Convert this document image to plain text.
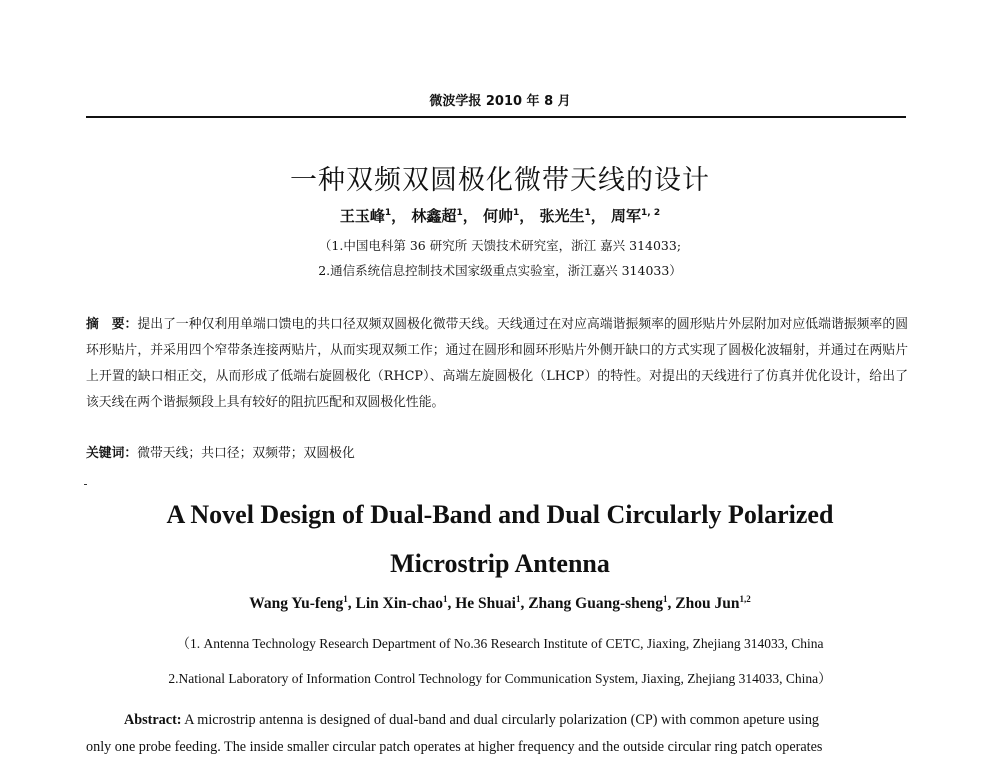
微波学报 2010 年 8 月
一种双频双圆极化微带天线的设计
王玉峰$^1$， 林鑫超$^1$， 何帅$^1$， 张光生$^1$， 周军$^{1, 2}$
（1.中国电科第 36 研究所 天馈技术研究室，浙江 嘉兴 314033;
2.通信系统信息控制技术国家级重点实验室，浙江嘉兴 314033）
摘　要：提出了一种仅利用单端口馈电的共口径双频双圆极化微带天线。天线通过在对应高端谐振频率的圆形贴片外层附加对应低端谐振频率的圆环形贴片，并采用四个窄带条连接两贴片，从而实现双频工作；通过在圆形和圆环形贴片外侧开缺口的方式实现了圆极化波辐射，并通过在两贴片上开置的缺口相正交，从而形成了低端右旋圆极化（RHCP）、高端左旋圆极化（LHCP）的特性。对提出的天线进行了仿真并优化设计，给出了该天线在两个谐振频段上具有较好的阻抗匹配和双圆极化性能。
关键词：微带天线；共口径；双频带；双圆极化
A Novel Design of Dual-Band and Dual Circularly Polarized
Microstrip Antenna
Wang Yu-feng$^1$, Lin Xin-chao$^1$, He Shuai$^1$, Zhang Guang-sheng$^1$, Zhou Jun$^{1,2}$
（1. Antenna Technology Research Department of No.36 Research Institute of CETC, Jiaxing, Zhejiang 314033, China
2.National Laboratory of Information Control Technology for Communication System, Jiaxing, Zhejiang 314033, China）
Abstract: A microstrip antenna is designed of dual-band and dual circularly polarization (CP) with common apeture using
only one probe feeding. The inside smaller circular patch operates at higher frequency and the outside circular ring patch operates
